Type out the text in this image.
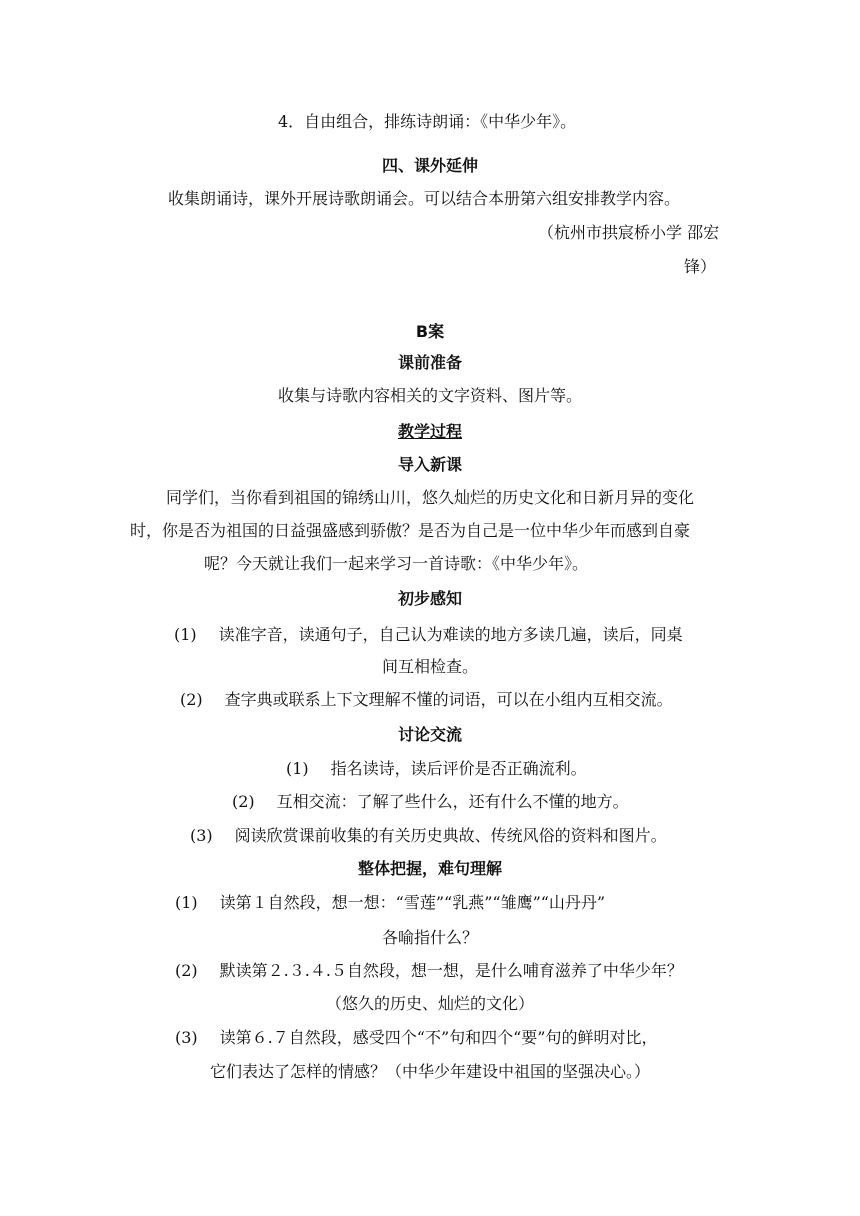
4．自由组合，排练诗朗诵：《中华少年》。
四、课外延伸
收集朗诵诗，课外开展诗歌朗诵会。可以结合本册第六组安排教学内容。
（杭州市拱宸桥小学 邵宏
锋）
B案
课前准备
收集与诗歌内容相关的文字资料、图片等。
教学过程
导入新课
同学们，当你看到祖国的锦绣山川，悠久灿烂的历史文化和日新月异的变化
时，你是否为祖国的日益强盛感到骄傲？是否为自己是一位中华少年而感到自豪
呢？今天就让我们一起来学习一首诗歌：《中华少年》。
初步感知
(1) 读准字音，读通句子，自己认为难读的地方多读几遍，读后，同桌
间互相检查。
(2) 查字典或联系上下文理解不懂的词语，可以在小组内互相交流。
讨论交流
(1) 指名读诗，读后评价是否正确流利。
(2) 互相交流：了解了些什么，还有什么不懂的地方。
(3) 阅读欣赏课前收集的有关历史典故、传统风俗的资料和图片。
整体把握，难句理解
(1) 读第１自然段，想一想：“雪莲”“乳燕”“雏鹰”“山丹丹”
各喻指什么？
(2) 默读第２.３.４.５自然段，想一想，是什么哺育滋养了中华少年？
（悠久的历史、灿烂的文化）
(3) 读第６.７自然段，感受四个“不”句和四个“要”句的鲜明对比，
它们表达了怎样的情感？（中华少年建设中祖国的坚强决心。）
